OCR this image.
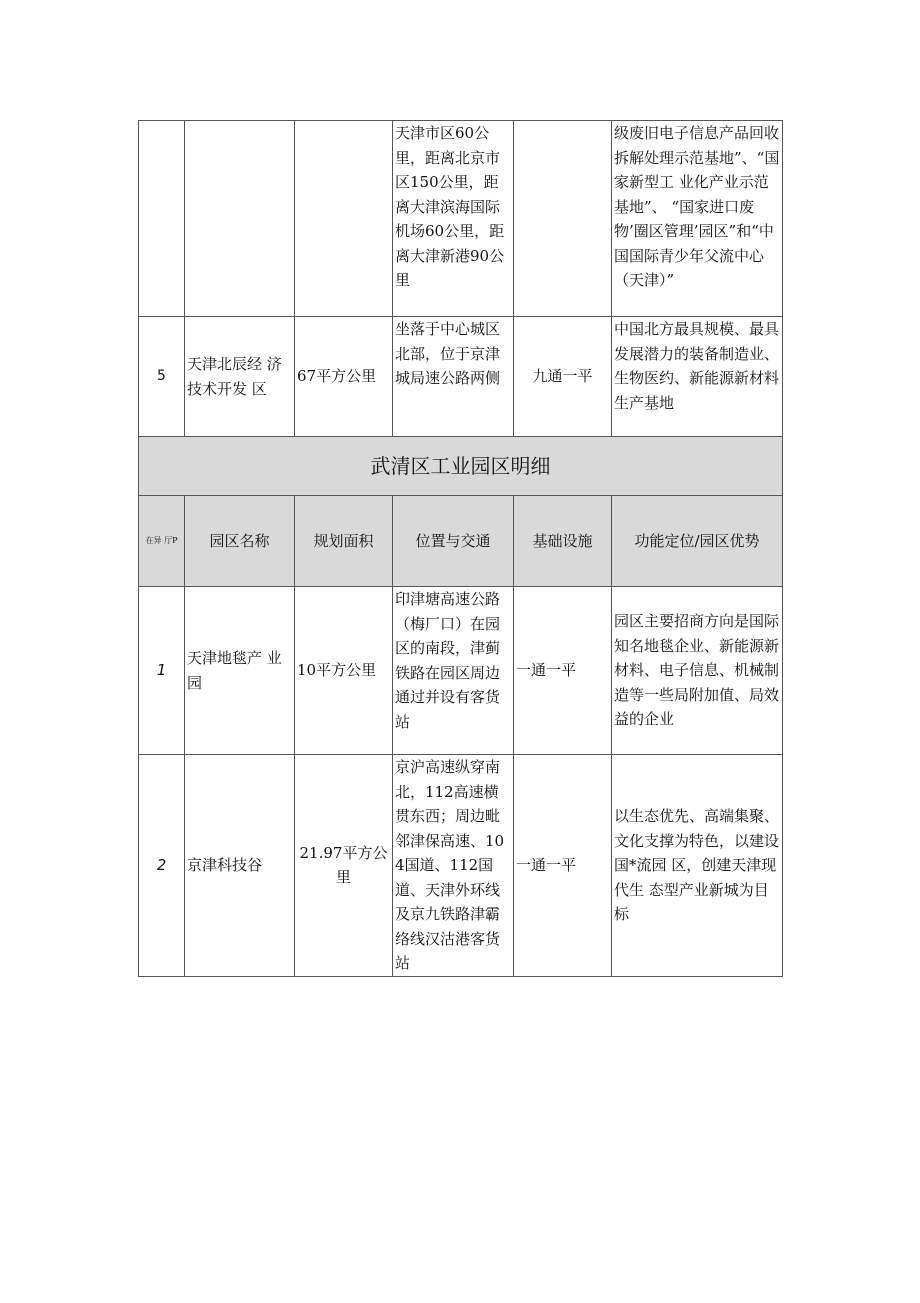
			天津市区60公里，距离北京市区150公里，距离大津滨海国际机场60公里，距离大津新港90公里		级废旧电子信息产品回收拆解处理示范基地”、“国家新型工 业化产业示范基地”、 “国家进口废物’圈区管理’园区”和“中国国际青少年父流中心（天津）”
5	天津北辰经 济技术开发 区	67平方公里	坐落于中心城区北部，位于京津城局速公路两侧	九通一平	中国北方最具规模、最具发展潜力的装备制造业、生物医约、新能源新材料生产基地
武清区工业园区明细					
在异 厅P	园区名称	规划面积	位置与交通	基础设施	功能定位/园区优势
1	天津地毯产 业园	10平方公里	印津塘高速公路（梅厂口）在园区的南段，津蓟铁路在园区周边通过并设有客货站	一通一平	园区主要招商方向是国际知名地毯企业、新能源新材料、电子信息、机械制造等一些局附加值、局效益的企业
2	京津科技谷	21.97平方公里	京沪高速纵穿南北，112高速横贯东西；周边毗邻津保高速、104国道、112国道、天津外环线及京九铁路津霸络线汉沽港客货站	一通一平	以生态优先、高端集聚、文化支撑为特色，以建设国*流园 区，创建天津现代生 态型产业新城为目标
